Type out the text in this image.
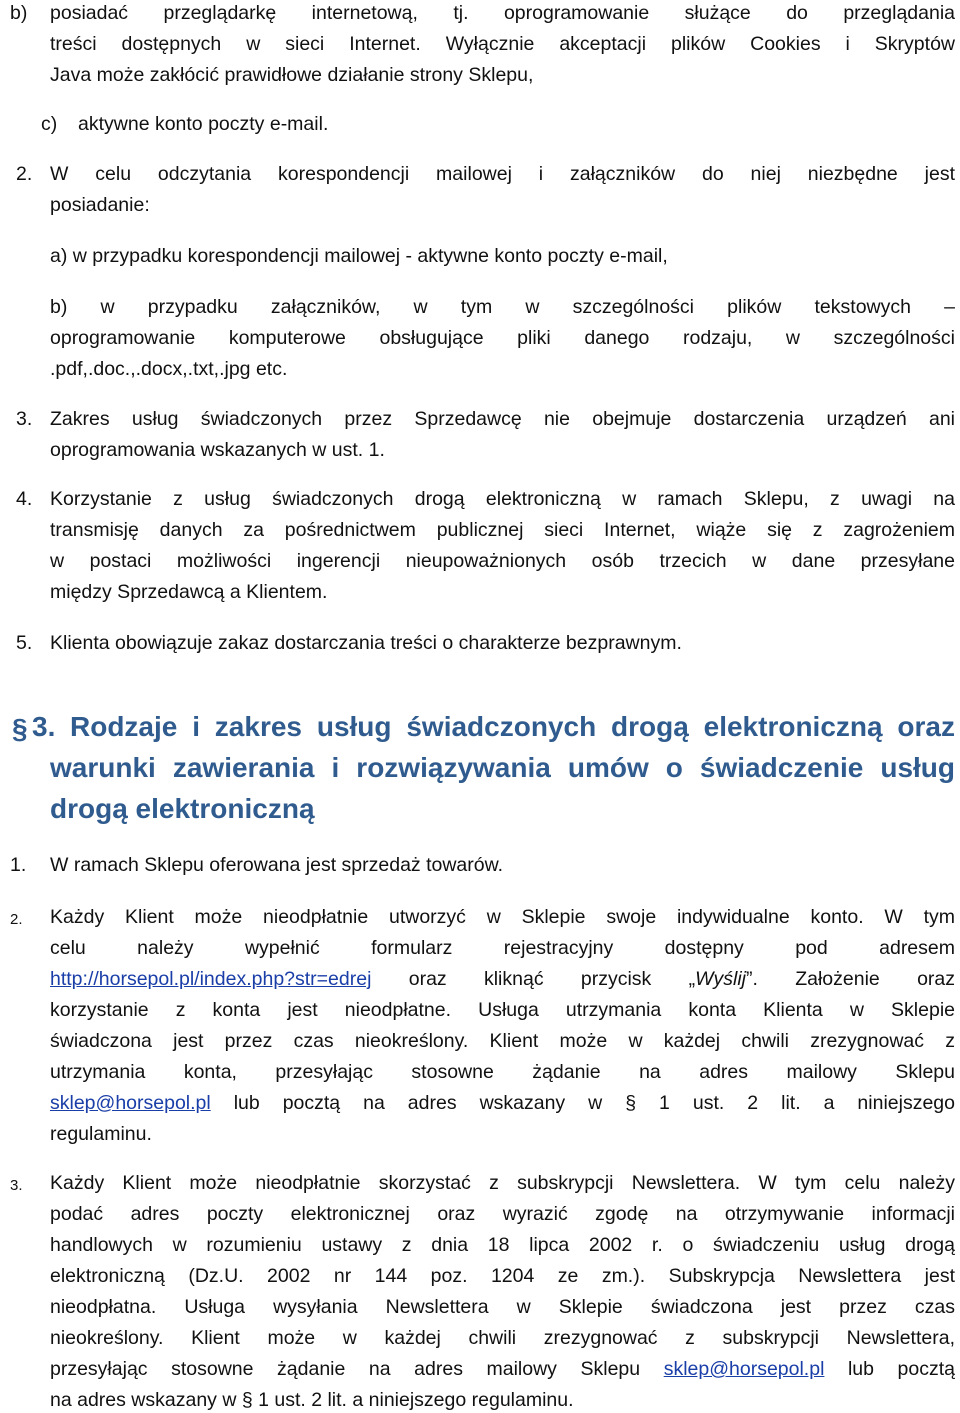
b) posiadać przeglądarkę internetową, tj. oprogramowanie służące do przeglądania
treści dostępnych w sieci Internet. Wyłącznie akceptacji plików Cookies i Skryptów
Java może zakłócić prawidłowe działanie strony Sklepu,
c) aktywne konto poczty e-mail.
2. W celu odczytania korespondencji mailowej i załączników do niej niezbędne jest
posiadanie:
a) w przypadku korespondencji mailowej - aktywne konto poczty e-mail,
b) w przypadku załączników, w tym w szczególności plików tekstowych –
oprogramowanie komputerowe obsługujące pliki danego rodzaju, w szczególności
.pdf,.doc.,.docx,.txt,.jpg etc.
3. Zakres usług świadczonych przez Sprzedawcę nie obejmuje dostarczenia urządzeń ani
oprogramowania wskazanych w ust. 1.
4. Korzystanie z usług świadczonych drogą elektroniczną w ramach Sklepu, z uwagi na
transmisję danych za pośrednictwem publicznej sieci Internet, wiąże się z zagrożeniem
w postaci możliwości ingerencji nieupoważnionych osób trzecich w dane przesyłane
między Sprzedawcą a Klientem.
5. Klienta obowiązuje zakaz dostarczania treści o charakterze bezprawnym.
§ 3. Rodzaje i zakres usług świadczonych drogą elektroniczną oraz
warunki zawierania i rozwiązywania umów o świadczenie usług
drogą elektroniczną
1. W ramach Sklepu oferowana jest sprzedaż towarów.
2. Każdy Klient może nieodpłatnie utworzyć w Sklepie swoje indywidualne konto. W tym
celu należy wypełnić formularz rejestracyjny dostępny pod adresem
http://horsepol.pl/index.php?str=edrej oraz kliknąć przycisk „Wyślij”. Założenie oraz
korzystanie z konta jest nieodpłatne. Usługa utrzymania konta Klienta w Sklepie
świadczona jest przez czas nieokreślony. Klient może w każdej chwili zrezygnować z
utrzymania konta, przesyłając stosowne żądanie na adres mailowy Sklepu
sklep@horsepol.pl lub pocztą na adres wskazany w § 1 ust. 2 lit. a niniejszego
regulaminu.
3. Każdy Klient może nieodpłatnie skorzystać z subskrypcji Newslettera. W tym celu należy
podać adres poczty elektronicznej oraz wyrazić zgodę na otrzymywanie informacji
handlowych w rozumieniu ustawy z dnia 18 lipca 2002 r. o świadczeniu usług drogą
elektroniczną (Dz.U. 2002 nr 144 poz. 1204 ze zm.). Subskrypcja Newslettera jest
nieodpłatna. Usługa wysyłania Newslettera w Sklepie świadczona jest przez czas
nieokreślony. Klient może w każdej chwili zrezygnować z subskrypcji Newslettera,
przesyłając stosowne żądanie na adres mailowy Sklepu sklep@horsepol.pl lub pocztą
na adres wskazany w § 1 ust. 2 lit. a niniejszego regulaminu.
